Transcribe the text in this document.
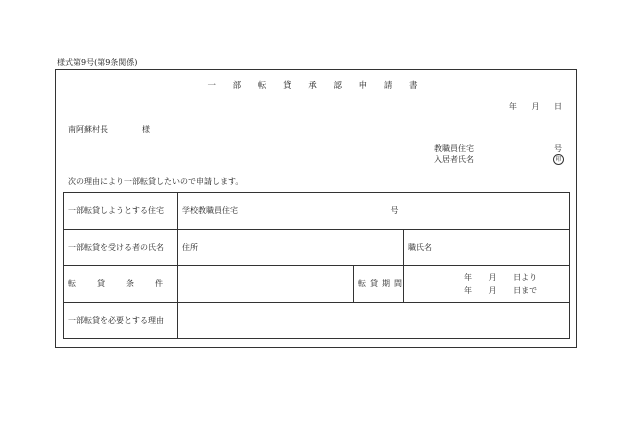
様式第9号(第9条関係)
一 部 転 貸 承 認 申 請 書
年 月 日
南阿蘇村長	様
教職員住宅	号
入居者氏名	印
次の理由により一部転貸したいので申請します。
一部転貸しようとする住宅	学校教職員住宅 号		
一部転貸を受ける者の氏名	住所		職氏名
転貸条件		転貸期間	年 月 日より
年 月 日まで

一部転貸を必要とする理由			
